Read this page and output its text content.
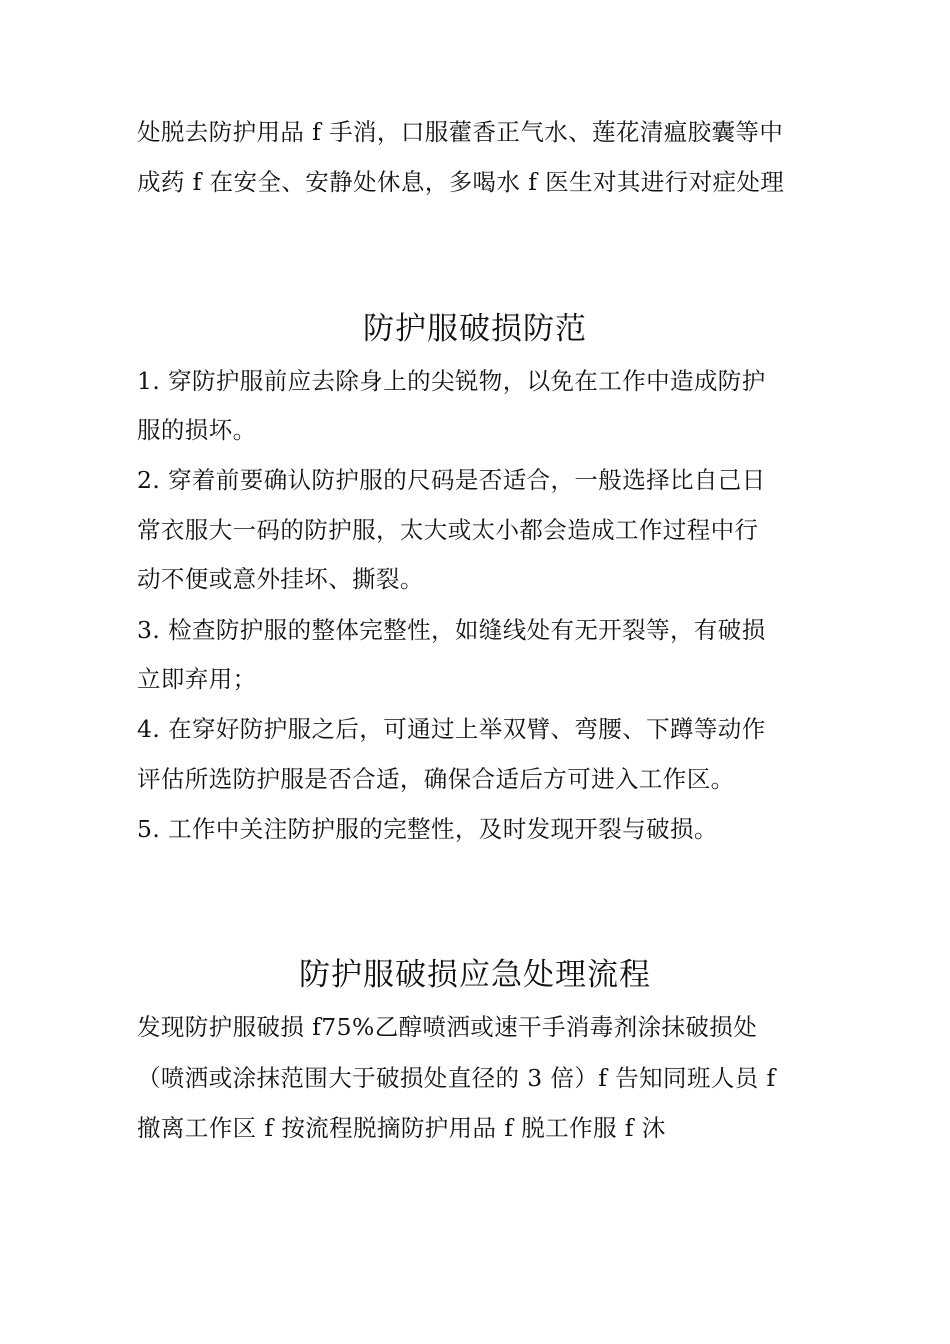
处脱去防护用品 f 手消，口服藿香正气水、莲花清瘟胶囊等中
成药 f 在安全、安静处休息，多喝水 f 医生对其进行对症处理
防护服破损防范
1. 穿防护服前应去除身上的尖锐物，以免在工作中造成防护
服的损坏。
2. 穿着前要确认防护服的尺码是否适合，一般选择比自己日
常衣服大一码的防护服，太大或太小都会造成工作过程中行
动不便或意外挂坏、撕裂。
3. 检查防护服的整体完整性，如缝线处有无开裂等，有破损
立即弃用；
4. 在穿好防护服之后，可通过上举双臂、弯腰、下蹲等动作
评估所选防护服是否合适，确保合适后方可进入工作区。
5. 工作中关注防护服的完整性，及时发现开裂与破损。
防护服破损应急处理流程
发现防护服破损 f75%乙醇喷洒或速干手消毒剂涂抹破损处
（喷洒或涂抹范围大于破损处直径的 3 倍）f 告知同班人员 f
撤离工作区 f 按流程脱摘防护用品 f 脱工作服 f 沐
